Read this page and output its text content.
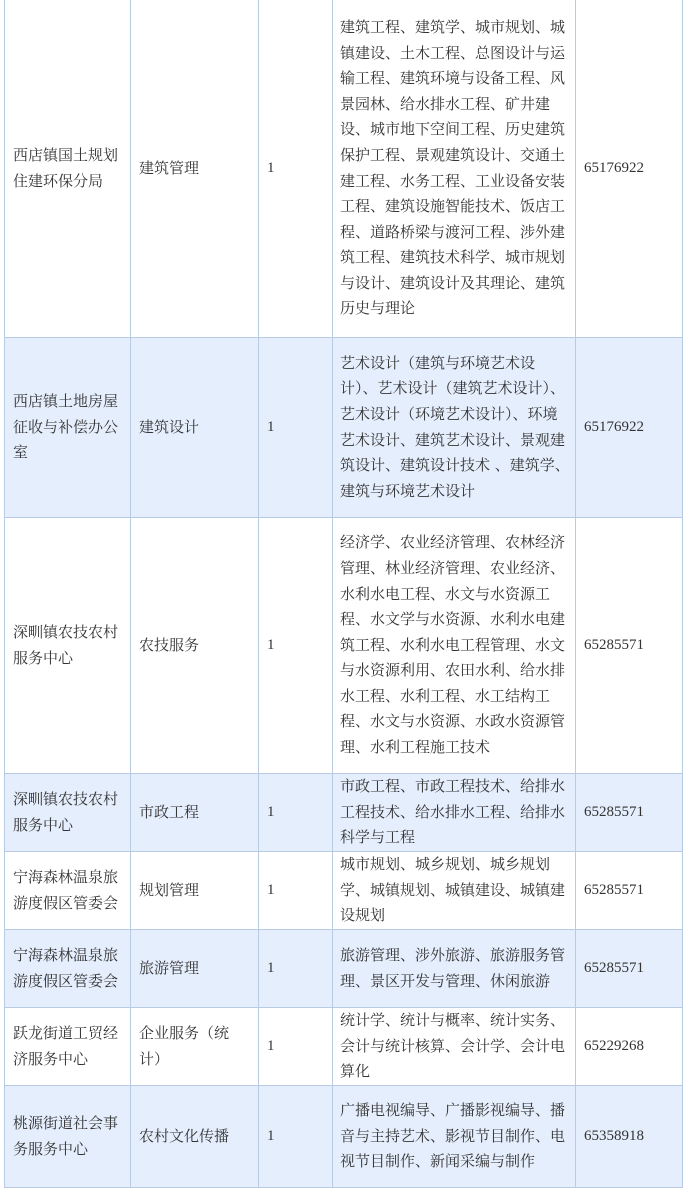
西店镇国土规划住建环保分局	建筑管理	1	建筑工程、建筑学、城市规划、城镇建设、土木工程、总图设计与运输工程、建筑环境与设备工程、风景园林、给水排水工程、矿井建设、城市地下空间工程、历史建筑保护工程、景观建筑设计、交通土建工程、水务工程、工业设备安装工程、建筑设施智能技术、饭店工程、道路桥梁与渡河工程、涉外建筑工程、建筑技术科学、城市规划与设计、建筑设计及其理论、建筑历史与理论	65176922
西店镇土地房屋征收与补偿办公室	建筑设计	1	艺术设计（建筑与环境艺术设计）、艺术设计（建筑艺术设计）、艺术设计（环境艺术设计）、环境艺术设计、建筑艺术设计、景观建筑设计、建筑设计技术 、建筑学、建筑与环境艺术设计	65176922
深甽镇农技农村服务中心	农技服务	1	经济学、农业经济管理、农林经济管理、林业经济管理、农业经济、水利水电工程、水文与水资源工程、水文学与水资源、水利水电建筑工程、水利水电工程管理、水文与水资源利用、农田水利、给水排水工程、水利工程、水工结构工程、水文与水资源、水政水资源管理、水利工程施工技术	65285571
深甽镇农技农村服务中心	市政工程	1	市政工程、市政工程技术、给排水工程技术、给水排水工程、给排水科学与工程	65285571
宁海森林温泉旅游度假区管委会	规划管理	1	城市规划、城乡规划、城乡规划学、城镇规划、城镇建设、城镇建设规划	65285571
宁海森林温泉旅游度假区管委会	旅游管理	1	旅游管理、涉外旅游、旅游服务管理、景区开发与管理、休闲旅游	65285571
跃龙街道工贸经济服务中心	企业服务（统计）	1	统计学、统计与概率、统计实务、会计与统计核算、会计学、会计电算化	65229268
桃源街道社会事务服务中心	农村文化传播	1	广播电视编导、广播影视编导、播音与主持艺术、影视节目制作、电视节目制作、新闻采编与制作	65358918
